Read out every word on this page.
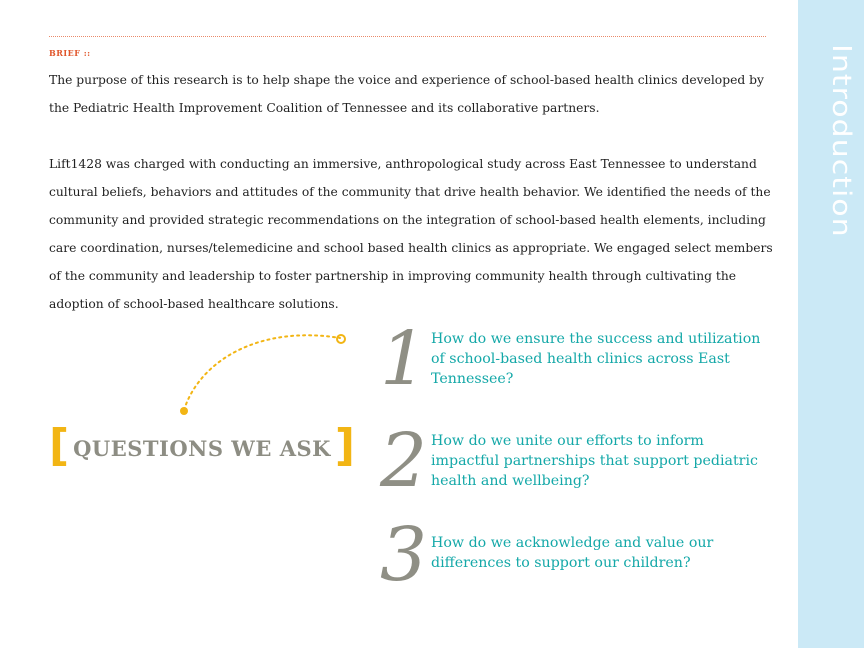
Introduction
BRIEF ::

The purpose of this research is to help shape the voice and experience of school-based health clinics developed by the Pediatric Health Improvement Coalition of Tennessee and its collaborative partners.

Lift1428 was charged with conducting an immersive, anthropological study across East Tennessee to understand cultural beliefs, behaviors and attitudes of the community that drive health behavior. We identified the needs of the community and provided strategic recommendations on the integration of school-based health elements, including care coordination, nurses/telemedicine and school based health clinics as appropriate. We engaged select members of the community and leadership to foster partnership in improving community health through cultivating the adoption of school-based healthcare solutions.

[ QUESTIONS WE ASK ]
1 How do we ensure the success and utilization of school-based health clinics across East Tennessee?

2 How do we unite our efforts to inform impactful partnerships that support pediatric health and wellbeing?

3 How do we acknowledge and value our differences to support our children?
